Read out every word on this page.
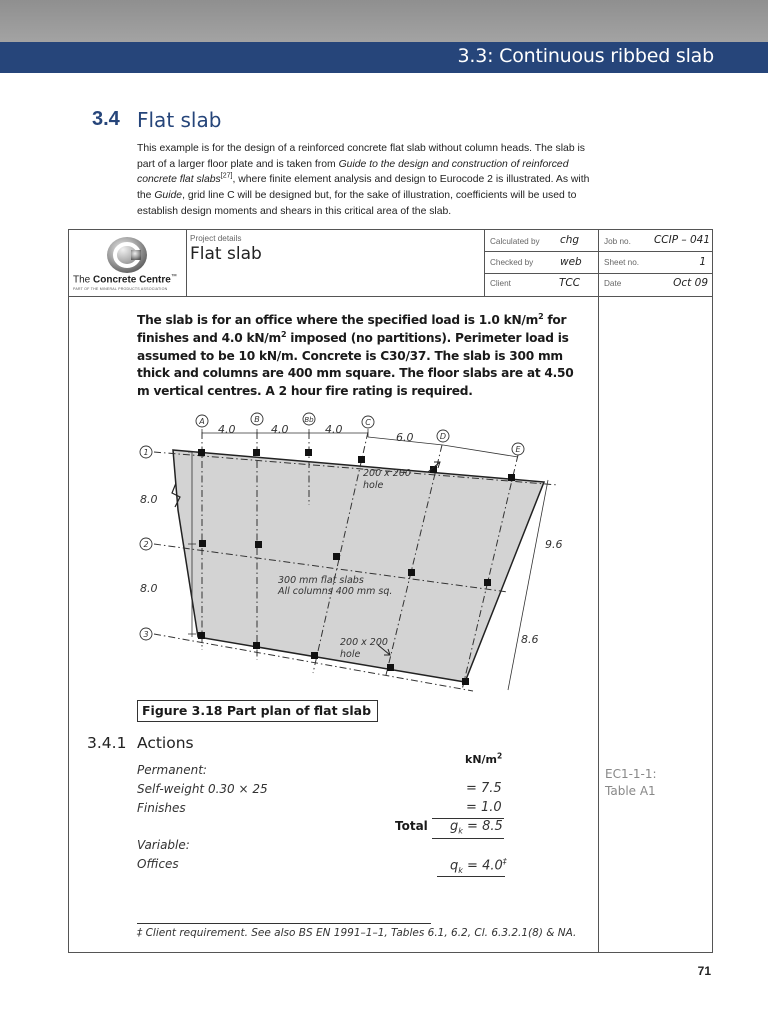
3.3: Continuous ribbed slab
3.4 Flat slab
This example is for the design of a reinforced concrete flat slab without column heads. The slab is part of a larger floor plate and is taken from Guide to the design and construction of reinforced concrete flat slabs[27], where finite element analysis and design to Eurocode 2 is illustrated. As with the Guide, grid line C will be designed but, for the sake of illustration, coefficients will be used to establish design moments and shears in this critical area of the slab.
The Concrete Centre™
PART OF THE MINERAL PRODUCTS ASSOCIATION
Project details
Flat slab
Calculated by chg
Checked by	web
Client	TCC
Job no. CCIP – 041
Sheet no.	1
Date	Oct 09
The slab is for an office where the specified load is 1.0 $kN/m^2$ for finishes and 4.0 $kN/m^2$ imposed (no partitions). Perimeter load is assumed to be 10 kN/m. Concrete is C30/37. The slab is 300 mm thick and columns are 400 mm square. The floor slabs are at 4.50 m vertical centres. A 2 hour fire rating is required.
A	B	Bb	C
D
E
1
2
3
4.0	4.0	4.0
6.0
8.0
8.0
9.6
8.6
200 x 200
hole
200 x 200
hole
300 mm flat slabs
All columns 400 mm sq.
Figure 3.18 Part plan of flat slab
3.4.1 Actions
$kN/m^2$
Permanent:
Self-weight 0.30 × 25	= 7.5
Finishes	= 1.0
Total $g_k = 8.5$
Variable:
Offices	$q_k = 4.0^\ddagger$
EC1-1-1:
Table A1
‡ Client requirement. See also BS EN 1991–1–1, Tables 6.1, 6.2, Cl. 6.3.2.1(8) & NA.
71
